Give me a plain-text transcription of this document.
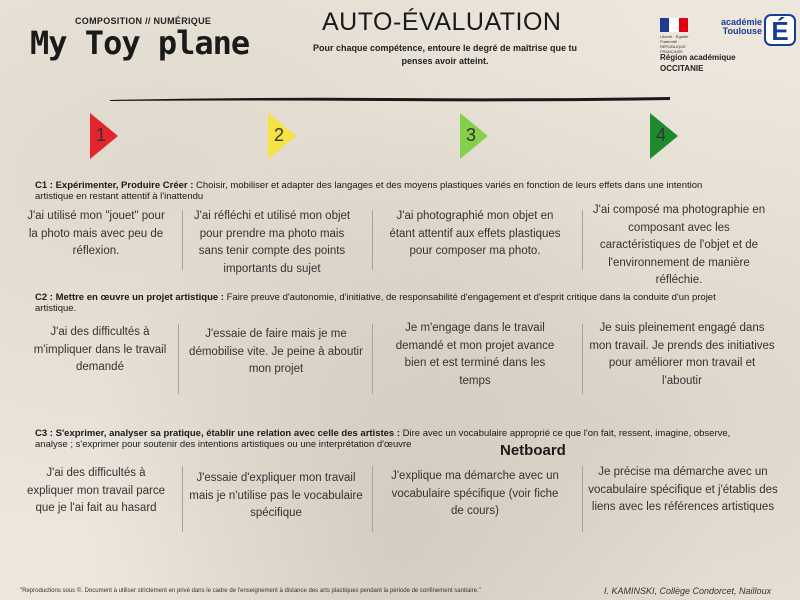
COMPOSITION // NUMÉRIQUE
My Toy plane
AUTO-ÉVALUATION
Pour chaque compétence, entoure le degré de maîtrise que tu penses avoir atteint.
Liberté · Égalité · Fraternité
RÉPUBLIQUE FRANÇAISE
académie
Toulouse É
Région académique
OCCITANIE
1	2	3	4
C1 : Expérimenter, Produire Créer : Choisir, mobiliser et adapter des langages et des moyens plastiques variés en fonction de leurs effets dans une intention artistique en restant attentif à l'inattendu
J'ai utilisé mon "jouet" pour la photo mais avec peu de réflexion.
J'ai réfléchi et utilisé mon objet pour prendre ma photo mais sans tenir compte des points importants du sujet
J'ai photographié mon objet en étant attentif aux effets plastiques pour composer ma photo.
J'ai composé ma photographie en composant avec les caractéristiques de l'objet et de l'environnement de manière réfléchie.
C2 : Mettre en œuvre un projet artistique : Faire preuve d'autonomie, d'initiative, de responsabilité d'engagement et d'esprit critique dans la conduite d'un projet artistique.
J'ai des difficultés à m'impliquer dans le travail demandé
J'essaie de faire mais je me démobilise vite. Je peine à aboutir mon projet
Je m'engage dans le travail demandé et mon projet avance bien et est terminé dans les temps
Je suis pleinement engagé dans mon travail. Je prends des initiatives pour améliorer mon travail et l'aboutir
C3 : S'exprimer, analyser sa pratique, établir une relation avec celle des artistes : Dire avec un vocabulaire approprié ce que l'on fait, ressent, imagine, observe, analyse ; s'exprimer pour soutenir des intentions artistiques ou une interprétation d'œuvre	Netboard
J'ai des difficultés à expliquer mon travail parce que je l'ai fait au hasard
J'essaie d'expliquer mon travail mais je n'utilise pas le vocabulaire spécifique
J'explique ma démarche avec un vocabulaire spécifique (voir fiche de cours)
Je précise ma démarche avec un vocabulaire spécifique et j'établis des liens avec les références artistiques
"Reproductions sous ©. Document à utiliser strictement en privé dans le cadre de l'enseignement à distance des arts plastiques pendant la période de confinement sanitaire."	I. KAMINSKI, Collège Condorcet, Nailloux
